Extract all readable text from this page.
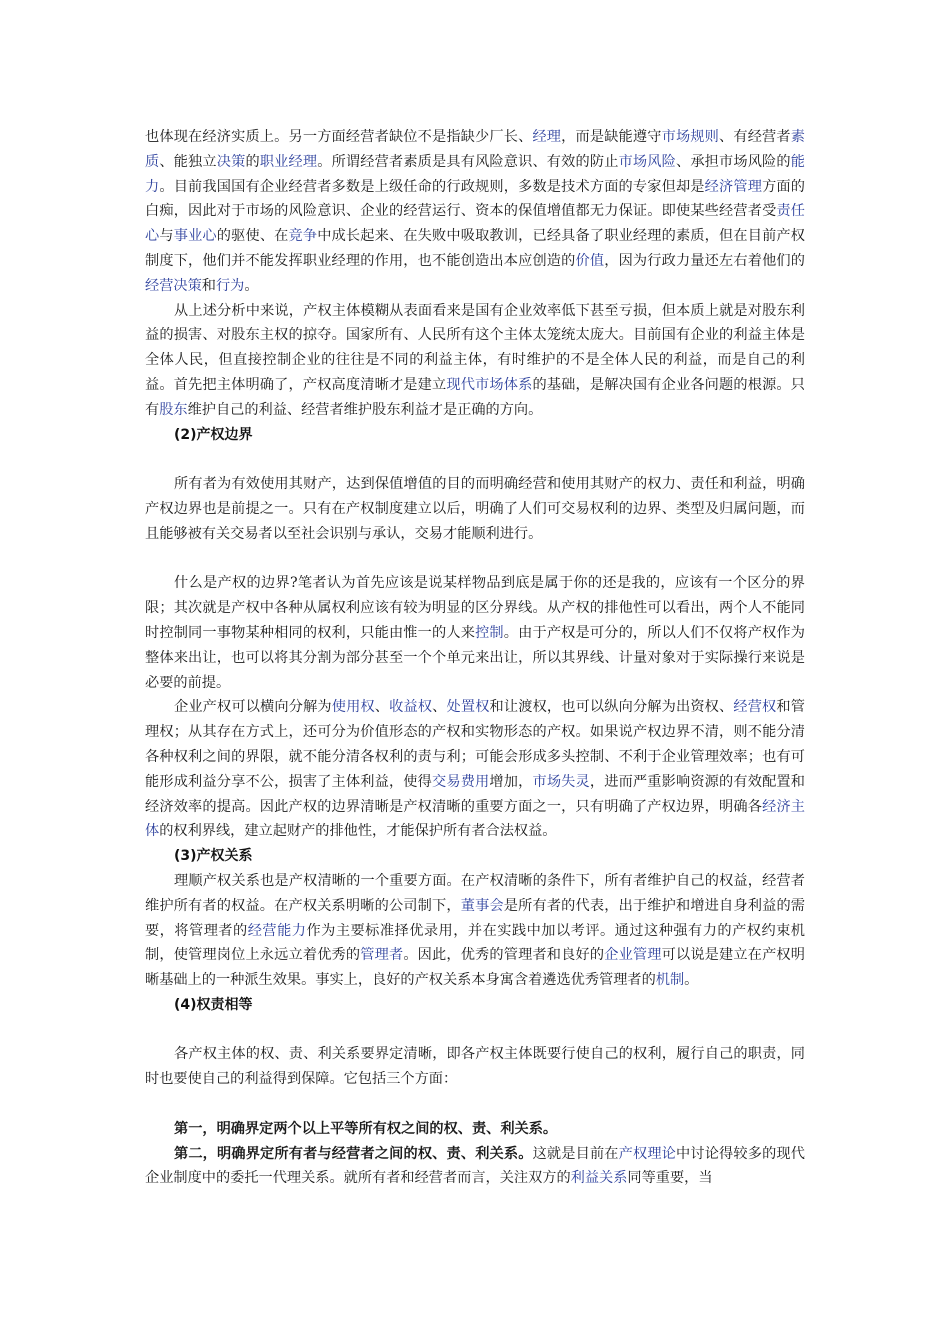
也体现在经济实质上。另一方面经营者缺位不是指缺少厂长、经理，而是缺能遵守市场规则、有经营者素质、能独立决策的职业经理。所谓经营者素质是具有风险意识、有效的防止市场风险、承担市场风险的能力。目前我国国有企业经营者多数是上级任命的行政规则，多数是技术方面的专家但却是经济管理方面的白痴，因此对于市场的风险意识、企业的经营运行、资本的保值增值都无力保证。即使某些经营者受责任心与事业心的驱使、在竞争中成长起来、在失败中吸取教训，已经具备了职业经理的素质，但在目前产权制度下，他们并不能发挥职业经理的作用，也不能创造出本应创造的价值，因为行政力量还左右着他们的经营决策和行为。

从上述分析中来说，产权主体模糊从表面看来是国有企业效率低下甚至亏损，但本质上就是对股东利益的损害、对股东主权的掠夺。国家所有、人民所有这个主体太笼统太庞大。目前国有企业的利益主体是全体人民，但直接控制企业的往往是不同的利益主体，有时维护的不是全体人民的利益，而是自己的利益。首先把主体明确了，产权高度清晰才是建立现代市场体系的基础，是解决国有企业各问题的根源。只有股东维护自己的利益、经营者维护股东利益才是正确的方向。

(2)产权边界

所有者为有效使用其财产，达到保值增值的目的而明确经营和使用其财产的权力、责任和利益，明确产权边界也是前提之一。只有在产权制度建立以后，明确了人们可交易权利的边界、类型及归属问题，而且能够被有关交易者以至社会识别与承认，交易才能顺利进行。

什么是产权的边界?笔者认为首先应该是说某样物品到底是属于你的还是我的，应该有一个区分的界限；其次就是产权中各种从属权利应该有较为明显的区分界线。从产权的排他性可以看出，两个人不能同时控制同一事物某种相同的权利，只能由惟一的人来控制。由于产权是可分的，所以人们不仅将产权作为整体来出让，也可以将其分割为部分甚至一个个单元来出让，所以其界线、计量对象对于实际操行来说是必要的前提。

企业产权可以横向分解为使用权、收益权、处置权和让渡权，也可以纵向分解为出资权、经营权和管理权；从其存在方式上，还可分为价值形态的产权和实物形态的产权。如果说产权边界不清，则不能分清各种权利之间的界限，就不能分清各权利的责与利；可能会形成多头控制、不利于企业管理效率；也有可能形成利益分享不公，损害了主体利益，使得交易费用增加，市场失灵，进而严重影响资源的有效配置和经济效率的提高。因此产权的边界清晰是产权清晰的重要方面之一，只有明确了产权边界，明确各经济主体的权利界线，建立起财产的排他性，才能保护所有者合法权益。

(3)产权关系

理顺产权关系也是产权清晰的一个重要方面。在产权清晰的条件下，所有者维护自己的权益，经营者维护所有者的权益。在产权关系明晰的公司制下，董事会是所有者的代表，出于维护和增进自身利益的需要，将管理者的经营能力作为主要标准择优录用，并在实践中加以考评。通过这种强有力的产权约束机制，使管理岗位上永远立着优秀的管理者。因此，优秀的管理者和良好的企业管理可以说是建立在产权明晰基础上的一种派生效果。事实上，良好的产权关系本身寓含着遴选优秀管理者的机制。

(4)权责相等

各产权主体的权、责、利关系要界定清晰，即各产权主体既要行使自己的权利，履行自己的职责，同时也要使自己的利益得到保障。它包括三个方面：

第一，明确界定两个以上平等所有权之间的权、责、利关系。

第二，明确界定所有者与经营者之间的权、责、利关系。这就是目前在产权理论中讨论得较多的现代企业制度中的委托一代理关系。就所有者和经营者而言，关注双方的利益关系同等重要，当
